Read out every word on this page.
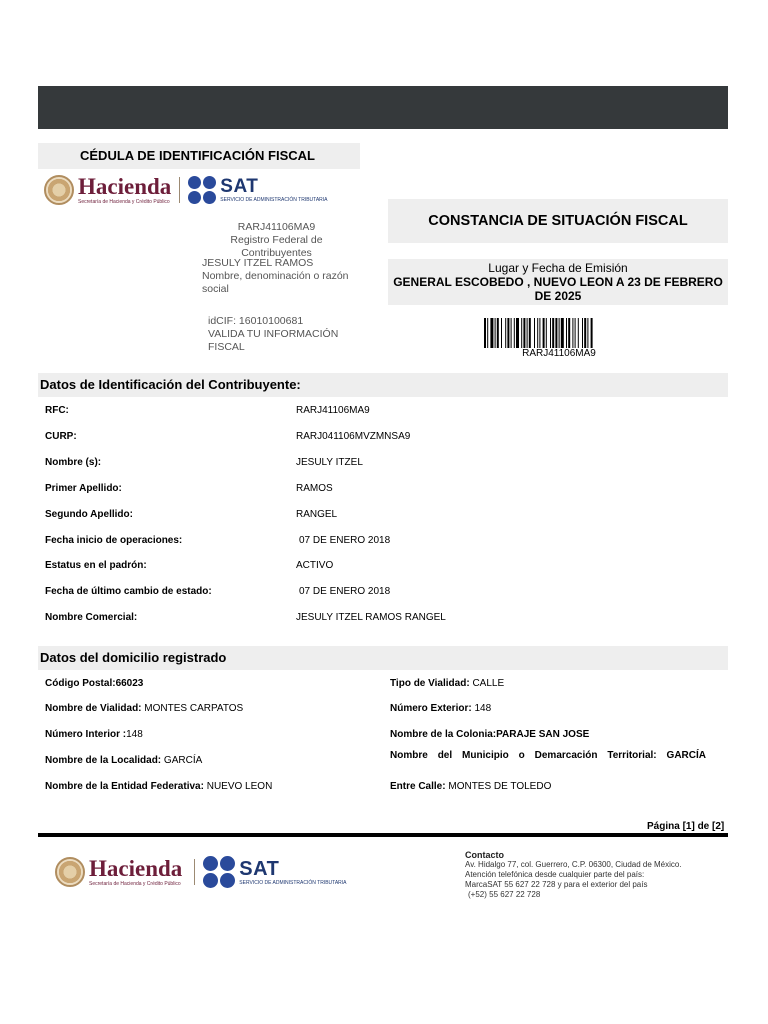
CÉDULA DE IDENTIFICACIÓN FISCAL
Hacienda
Secretaría de Hacienda y Crédito Público
SAT
SERVICIO DE ADMINISTRACIÓN TRIBUTARIA
RARJ41106MA9
Registro Federal de Contribuyentes
JESULY ITZEL RAMOS
Nombre, denominación o razón social
idCIF: 16010100681
VALIDA TU INFORMACIÓN FISCAL
CONSTANCIA DE SITUACIÓN FISCAL
Lugar y Fecha de Emisión
GENERAL ESCOBEDO , NUEVO LEON A 23 DE FEBRERO DE 2025
RARJ41106MA9
Datos de Identificación del Contribuyente:
RFC:	RARJ41106MA9
CURP:	RARJ041106MVZMNSA9
Nombre (s):	JESULY ITZEL
Primer Apellido:	RAMOS
Segundo Apellido:	RANGEL
Fecha inicio de operaciones:	07 DE ENERO 2018
Estatus en el padrón:	ACTIVO
Fecha de último cambio de estado:	07 DE ENERO 2018
Nombre Comercial:	JESULY ITZEL RAMOS RANGEL
Datos del domicilio registrado
Código Postal:66023	Tipo de Vialidad: CALLE
Nombre de Vialidad: MONTES CARPATOS	Número Exterior: 148
Número Interior :148	Nombre de la Colonia:PARAJE SAN JOSE
Nombre de la Localidad: GARCÍA	Nombre del Municipio o Demarcación Territorial: GARCÍA
Nombre de la Entidad Federativa: NUEVO LEON	Entre Calle: MONTES DE TOLEDO
Página [1] de [2]
Hacienda
Secretaría de Hacienda y Crédito Público
SAT
SERVICIO DE ADMINISTRACIÓN TRIBUTARIA
Contacto
Av. Hidalgo 77, col. Guerrero, C.P. 06300, Ciudad de México.
Atención telefónica desde cualquier parte del país:
MarcaSAT 55 627 22 728 y para el exterior del país
(+52) 55 627 22 728
